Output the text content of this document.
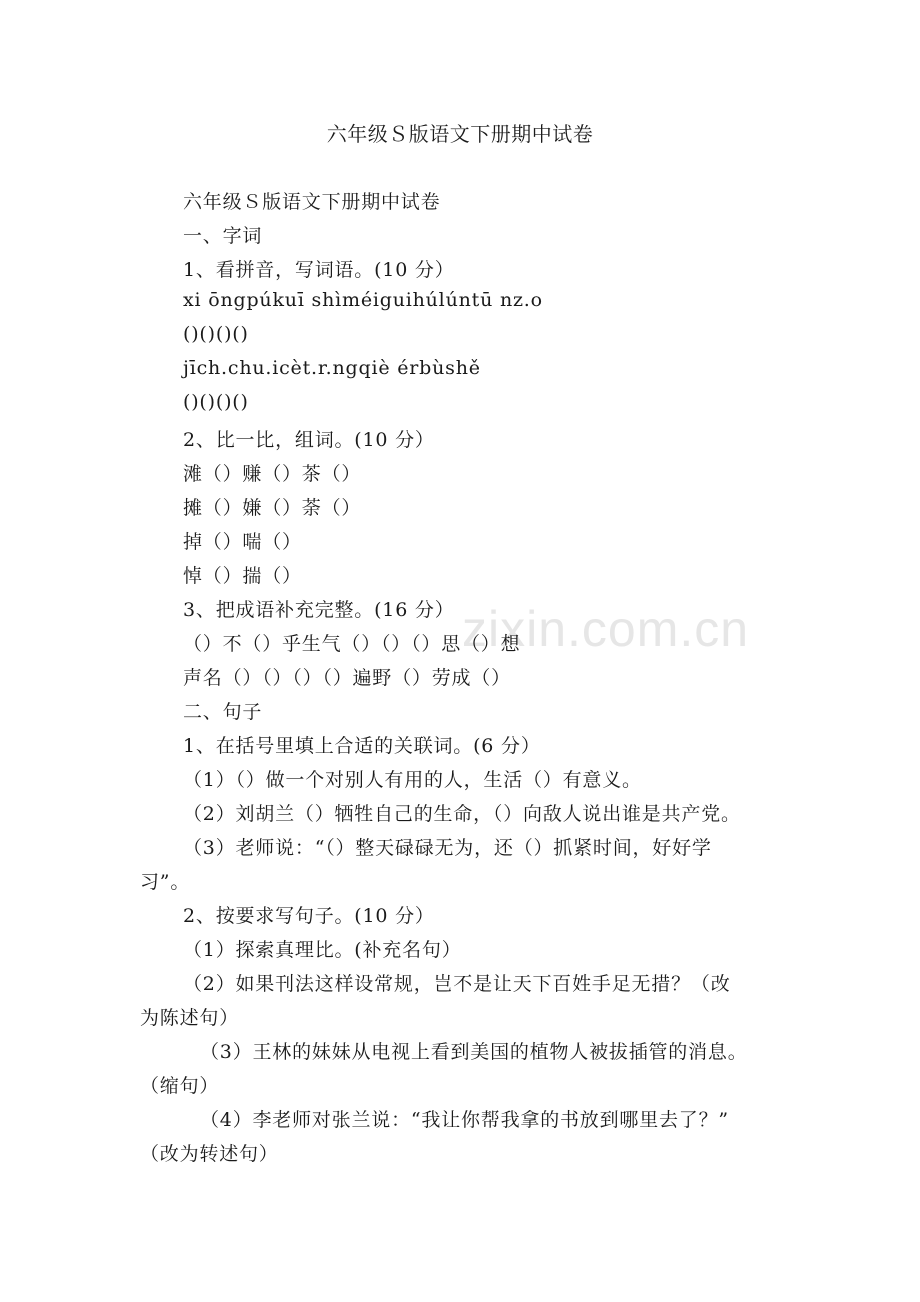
zixin.com.cn
六年级Ｓ版语文下册期中试卷
六年级Ｓ版语文下册期中试卷
一、字词
1、看拼音，写词语。(10 分）
xi ōngpúkuī shìméiguihúlúntū nz.o
()()()()
jīch.chu.icèt.r.ngqiè érbùshě
()()()()
2、比一比，组词。(10 分）
滩（）赚（）茶（）
摊（）嫌（）荼（）
掉（）喘（）
悼（）揣（）
3、把成语补充完整。(16 分）
（）不（）乎生气（）（）（）思（）想
声名（）（）（）（）遍野（）劳成（）
二、句子
1、在括号里填上合适的关联词。(6 分）
（1）（）做一个对别人有用的人，生活（）有意义。
（2）刘胡兰（）牺牲自己的生命，（）向敌人说出谁是共产党。
（3）老师说：“（）整天碌碌无为，还（）抓紧时间，好好学
习”。
2、按要求写句子。(10 分）
（1）探索真理比。(补充名句）
（2）如果刊法这样设常规，岂不是让天下百姓手足无措？（改
为陈述句）
（3）王林的妹妹从电视上看到美国的植物人被拔插管的消息。
（缩句）
（4）李老师对张兰说：“我让你帮我拿的书放到哪里去了？”
（改为转述句）
